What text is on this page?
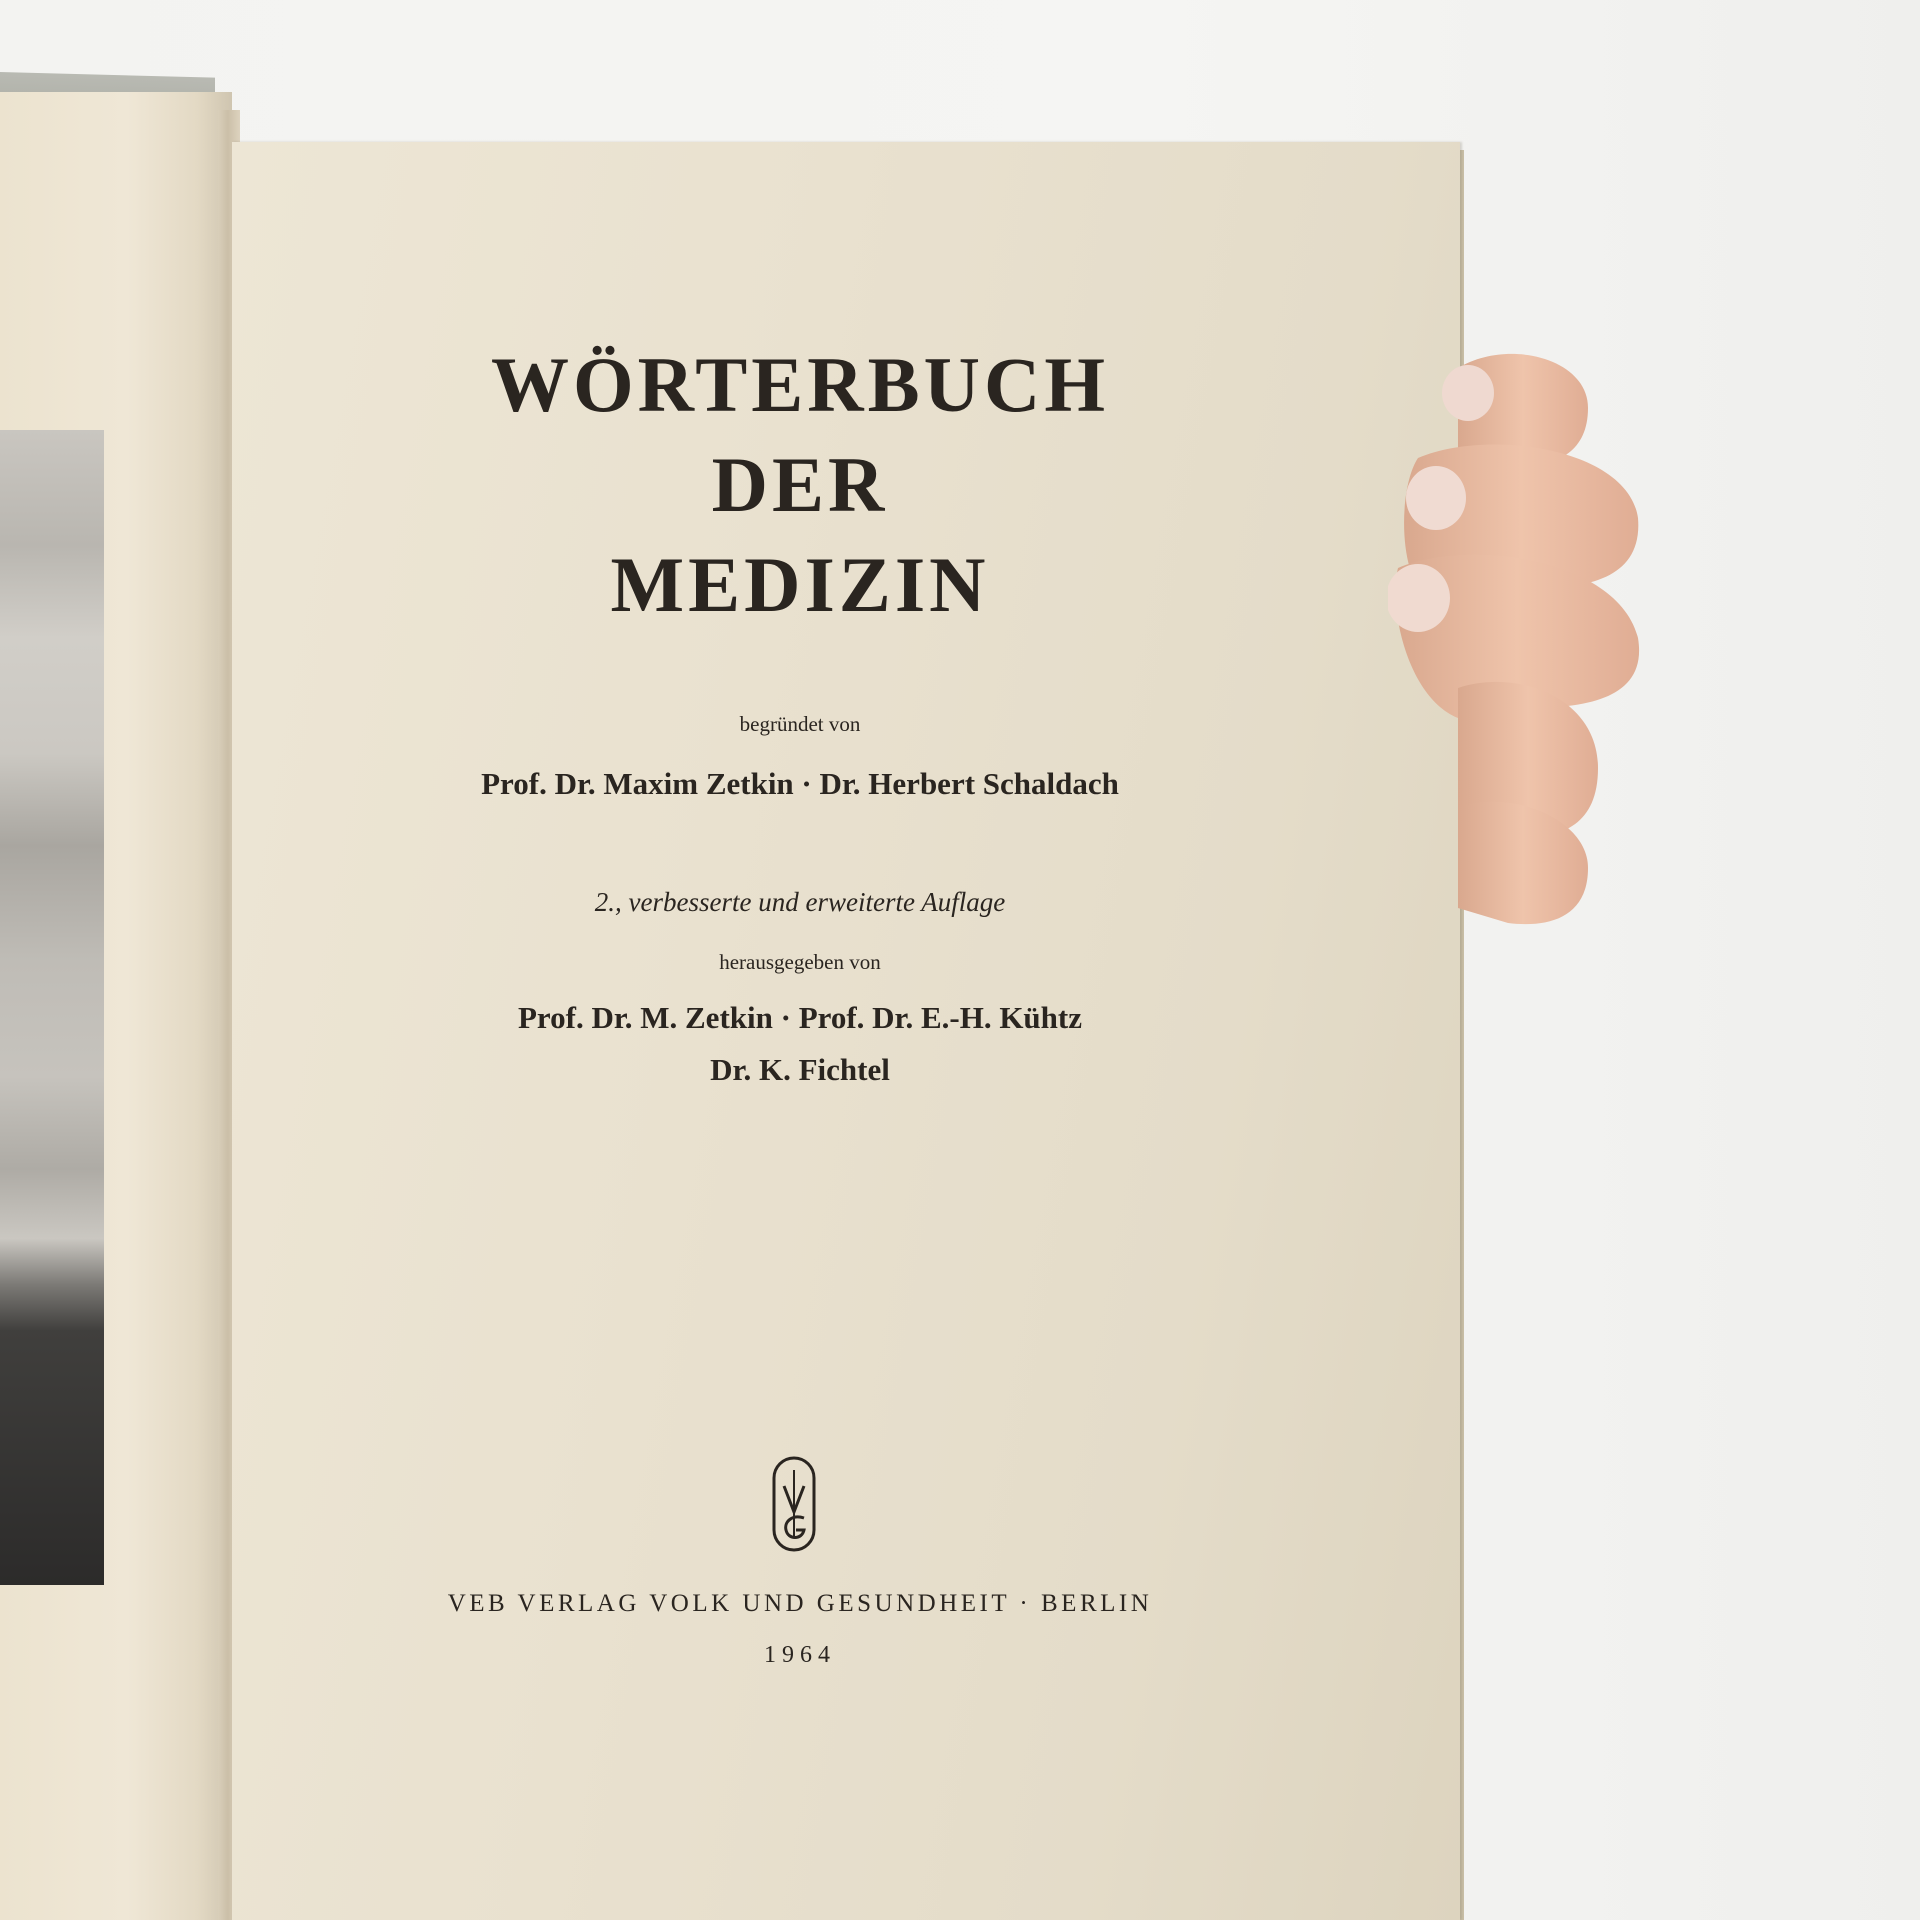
WÖRTERBUCH
DER
MEDIZIN
begründet von
Prof. Dr. Maxim Zetkin · Dr. Herbert Schaldach
2., verbesserte und erweiterte Auflage
herausgegeben von
Prof. Dr. M. Zetkin · Prof. Dr. E.-H. Kühtz
Dr. K. Fichtel
VEB VERLAG VOLK UND GESUNDHEIT · BERLIN
1964
